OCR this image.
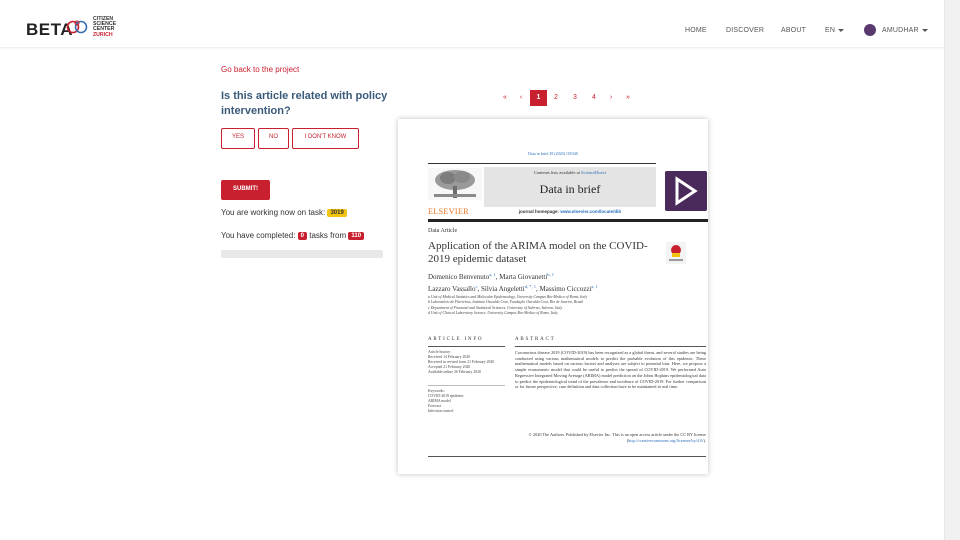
BETA
CITIZEN
SCIENCE
CENTER
ZURICH
HOME	DISCOVER ABOUT	EN	AMUDHAR
Go back to the project
Is this article related with policy intervention?
YES	NO	I DON'T KNOW
SUBMIT!
You are working now on task: 3019
You have completed: 0 tasks from 110
«	‹	1	2	3	4	›	»
Data in brief 29 (2020) 105340
ELSEVIER
Contents lists available at ScienceDirect
Data in brief
journal homepage: www.elsevier.com/locate/dib
Data Article
Application of the ARIMA model on the COVID-2019 epidemic dataset
Domenico Benvenuto$^{a, 1}$, Marta Giovanetti$^{b, 1}$
Lazzaro Vassallo$^c$, Silvia Angeletti$^{d, *, 1}$, Massimo Ciccozzi$^{a, 1}$
a Unit of Medical Statistics and Molecular Epidemiology, University Campus Bio-Medico of Rome, Italy
b Laboratório de Flavivírus, Instituto Oswaldo Cruz, Fundação Oswaldo Cruz, Rio de Janeiro, Brazil
c Department of Financial and Statistical Sciences, University of Salerno, Salerno, Italy
d Unit of Clinical Laboratory Science, University Campus Bio-Medico of Rome, Italy
ARTICLE INFO	ABSTRACT
Article history:
Received 14 February 2020
Received in revised form 21 February 2020
Accepted 21 February 2020
Available online 26 February 2020
Keywords:
COVID-2019 epidemic
ARIMA model
Forecast
Infection control
Coronavirus disease 2019 (COVID-2019) has been recognized as a global threat, and several studies are being conducted using various mathematical models to predict the probable evolution of this epidemic. These mathematical models based on various factors and analyses are subject to potential bias. Here, we propose a simple econometric model that could be useful to predict the spread of COVID-2019. We performed Auto Regressive Integrated Moving Average (ARIMA) model prediction on the Johns Hopkins epidemiological data to predict the epidemiological trend of the prevalence and incidence of COVID-2019. For further comparison or for future perspective, case definition and data collection have to be maintained in real time.
© 2020 The Authors. Published by Elsevier Inc. This is an open access article under the CC BY license (http://creativecommons.org/licenses/by/4.0/).
